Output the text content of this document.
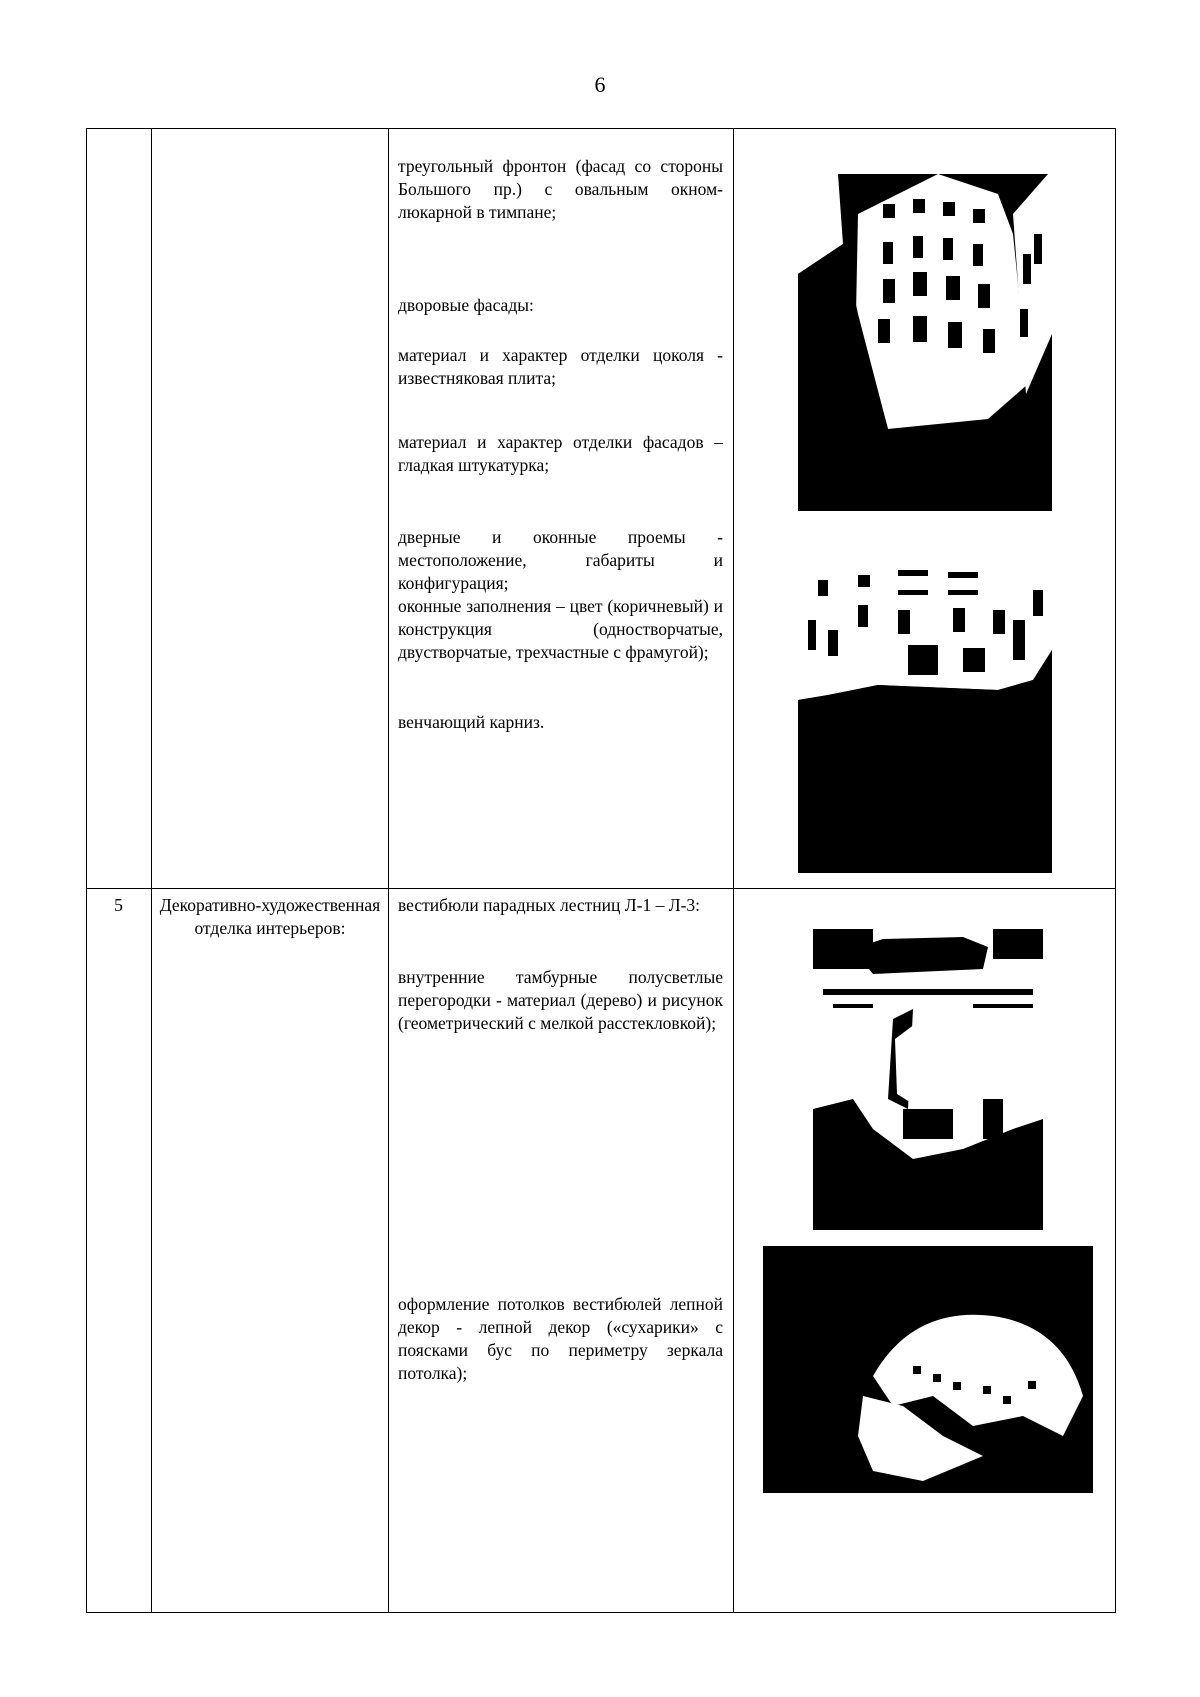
6

треугольный фронтон (фасад со стороны Большого пр.) с овальным окном-люкарной в тимпане;

дворовые фасады:

материал и характер отделки цоколя - известняковая плита;

материал и характер отделки фасадов – гладкая штукатурка;

дверные и оконные проемы - местоположение, габариты и конфигурация;

оконные заполнения – цвет (коричневый) и конструкция (одностворчатые, двустворчатые, трехчастные с фрамугой);

венчающий карниз.

5	Декоративно-художественная отделка интерьеров:

вестибюли парадных лестниц Л-1 – Л-3:

внутренние тамбурные полусветлые перегородки - материал (дерево) и рисунок (геометрический с мелкой расстекловкой);

оформление потолков вестибюлей лепной декор - лепной декор («сухарики» с поясками бус по периметру зеркала потолка);
